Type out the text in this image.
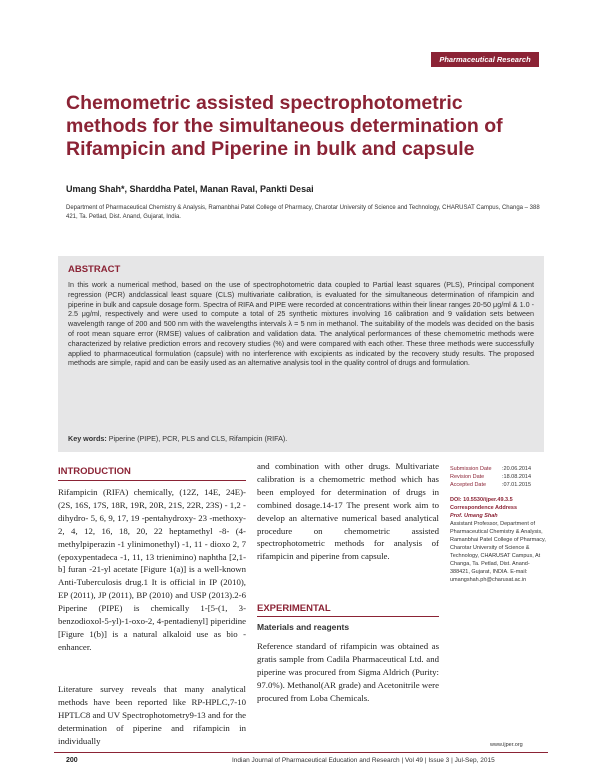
Pharmaceutical Research
Chemometric assisted spectrophotometric methods for the simultaneous determination of Rifampicin and Piperine in bulk and capsule
Umang Shah*, Sharddha Patel, Manan Raval, Pankti Desai
Department of Pharmaceutical Chemistry & Analysis, Ramanbhai Patel College of Pharmacy, Charotar University of Science and Technology, CHARUSAT Campus, Changa – 388 421, Ta. Petlad, Dist. Anand, Gujarat, India.
ABSTRACT
In this work a numerical method, based on the use of spectrophotometric data coupled to Partial least squares (PLS), Principal component regression (PCR) andclassical least square (CLS) multivariate calibration, is evaluated for the simultaneous determination of rifampicin and piperine in bulk and capsule dosage form. Spectra of RIFA and PIPE were recorded at concentrations within their linear ranges 20-50 μg/ml & 1.0 - 2.5 μg/ml, respectively and were used to compute a total of 25 synthetic mixtures involving 16 calibration and 9 validation sets between wavelength range of 200 and 500 nm with the wavelengths intervals λ = 5 nm in methanol. The suitability of the models was decided on the basis of root mean square error (RMSE) values of calibration and validation data. The analytical performances of these chemometric methods were characterized by relative prediction errors and recovery studies (%) and were compared with each other. These three methods were successfully applied to pharmaceutical formulation (capsule) with no interference with excipients as indicated by the recovery study results. The proposed methods are simple, rapid and can be easily used as an alternative analysis tool in the quality control of drugs and formulation.
Key words: Piperine (PIPE), PCR, PLS and CLS, Rifampicin (RIFA).
INTRODUCTION

Rifampicin (RIFA) chemically, (12Z, 14E, 24E)- (2S, 16S, 17S, 18R, 19R, 20R, 21S, 22R, 23S) - 1,2 -dihydro- 5, 6, 9, 17, 19 -pentahydroxy- 23 -methoxy- 2, 4, 12, 16, 18, 20, 22 heptamethyl -8- (4-methylpiperazin -1 ylinimonethyl) -1, 11 - dioxo 2, 7 (epoxypentadeca -1, 11, 13 trienimino) naphtha [2,1-b] furan -21-yl acetate [Figure 1(a)] is a well-known Anti-Tuberculosis drug.1 It is official in IP (2010), EP (2011), JP (2011), BP (2010) and USP (2013).2-6 Piperine (PIPE) is chemically 1-[5-(1, 3-benzodioxol-5-yl)-1-oxo-2, 4-pentadienyl] piperidine [Figure 1(b)] is a natural alkaloid use as bio - enhancer.

Literature survey reveals that many analytical methods have been reported like RP-HPLC,7-10 HPTLC8 and UV Spectrophotometry9-13 and for the determination of piperine and rifampicin in individually

and combination with other drugs. Multivariate calibration is a chemometric method which has been employed for determination of drugs in combined dosage.14-17 The present work aim to develop an alternative numerical based analytical procedure on chemometric assisted spectrophotometric methods for analysis of rifampicin and piperine from capsule.

EXPERIMENTAL
Materials and reagents

Reference standard of rifampicin was obtained as gratis sample from Cadila Pharmaceutical Ltd. and piperine was procured from Sigma Aldrich (Purity: 97.0%). Methanol(AR grade) and Acetonitrile were procured from Loba Chemicals.

Submission Date	:20.06.2014
Revision Date	:18.08.2014
Accepted Date	:07.01.2015
DOI: 10.5530/ijper.49.3.5
Correspondence Address
Prof. Umang Shah
Assistant Professor, Department of Pharmaceutical Chemistry & Analysis, Ramanbhai Patel College of Pharmacy, Charotar University of Science & Technology, CHARUSAT Campus, At Changa, Ta. Petlad, Dist. Anand- 388421, Gujarat, INDIA. E-mail: umangshah.ph@charusat.ac.in
www.ijper.org
200	Indian Journal of Pharmaceutical Education and Research | Vol 49 | Issue 3 | Jul-Sep, 2015
